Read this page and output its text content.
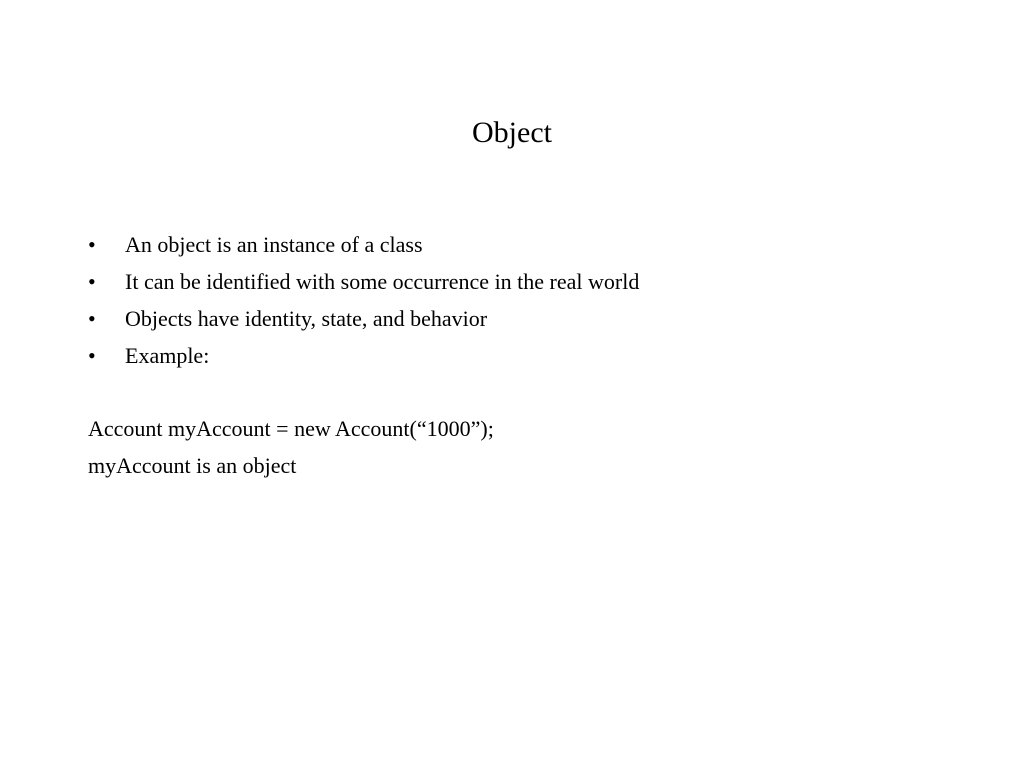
Object
•	An object is an instance of a class
•	It can be identified with some occurrence in the real world
•	Objects have identity, state, and behavior
•	Example:
Account myAccount = new Account(“1000”);
myAccount is an object
